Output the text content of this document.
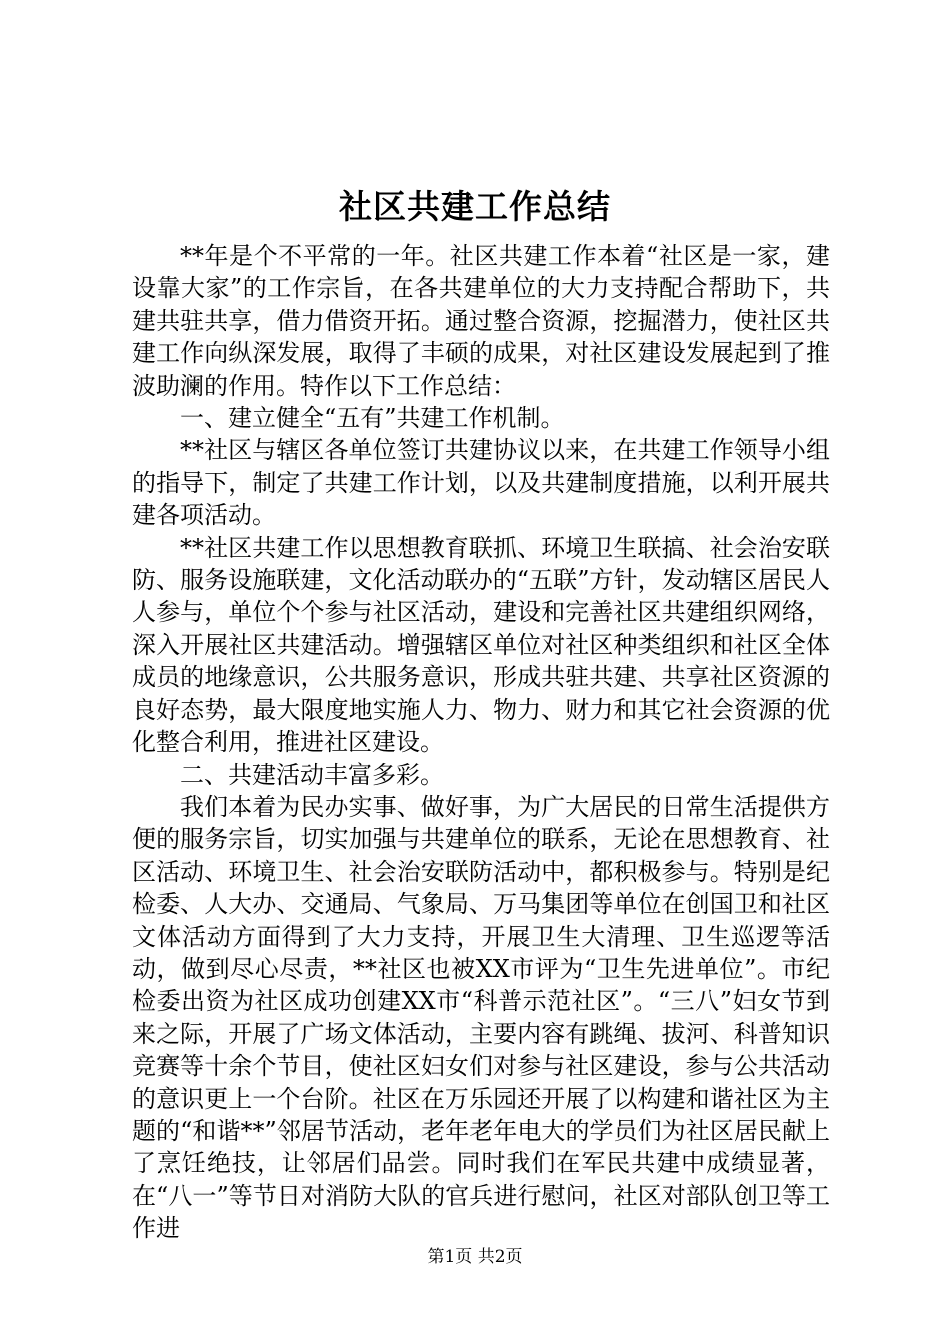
社区共建工作总结

**年是个不平常的一年。社区共建工作本着“社区是一家，建设靠大家”的工作宗旨，在各共建单位的大力支持配合帮助下，共建共驻共享，借力借资开拓。通过整合资源，挖掘潜力，使社区共建工作向纵深发展，取得了丰硕的成果，对社区建设发展起到了推波助澜的作用。特作以下工作总结：

一、建立健全“五有”共建工作机制。

**社区与辖区各单位签订共建协议以来，在共建工作领导小组的指导下，制定了共建工作计划，以及共建制度措施，以利开展共建各项活动。

**社区共建工作以思想教育联抓、环境卫生联搞、社会治安联防、服务设施联建，文化活动联办的“五联”方针，发动辖区居民人人参与，单位个个参与社区活动，建设和完善社区共建组织网络，深入开展社区共建活动。增强辖区单位对社区种类组织和社区全体成员的地缘意识，公共服务意识，形成共驻共建、共享社区资源的良好态势，最大限度地实施人力、物力、财力和其它社会资源的优化整合利用，推进社区建设。

二、共建活动丰富多彩。

我们本着为民办实事、做好事，为广大居民的日常生活提供方便的服务宗旨，切实加强与共建单位的联系，无论在思想教育、社区活动、环境卫生、社会治安联防活动中，都积极参与。特别是纪检委、人大办、交通局、气象局、万马集团等单位在创国卫和社区文体活动方面得到了大力支持，开展卫生大清理、卫生巡逻等活动，做到尽心尽责，**社区也被XX市评为“卫生先进单位”。市纪检委出资为社区成功创建XX市“科普示范社区”。“三八”妇女节到来之际，开展了广场文体活动，主要内容有跳绳、拔河、科普知识竞赛等十余个节目，使社区妇女们对参与社区建设，参与公共活动的意识更上一个台阶。社区在万乐园还开展了以构建和谐社区为主题的“和谐**”邻居节活动，老年老年电大的学员们为社区居民献上了烹饪绝技，让邻居们品尝。同时我们在军民共建中成绩显著，在“八一”等节日对消防大队的官兵进行慰问，社区对部队创卫等工作进

第1页 共2页
